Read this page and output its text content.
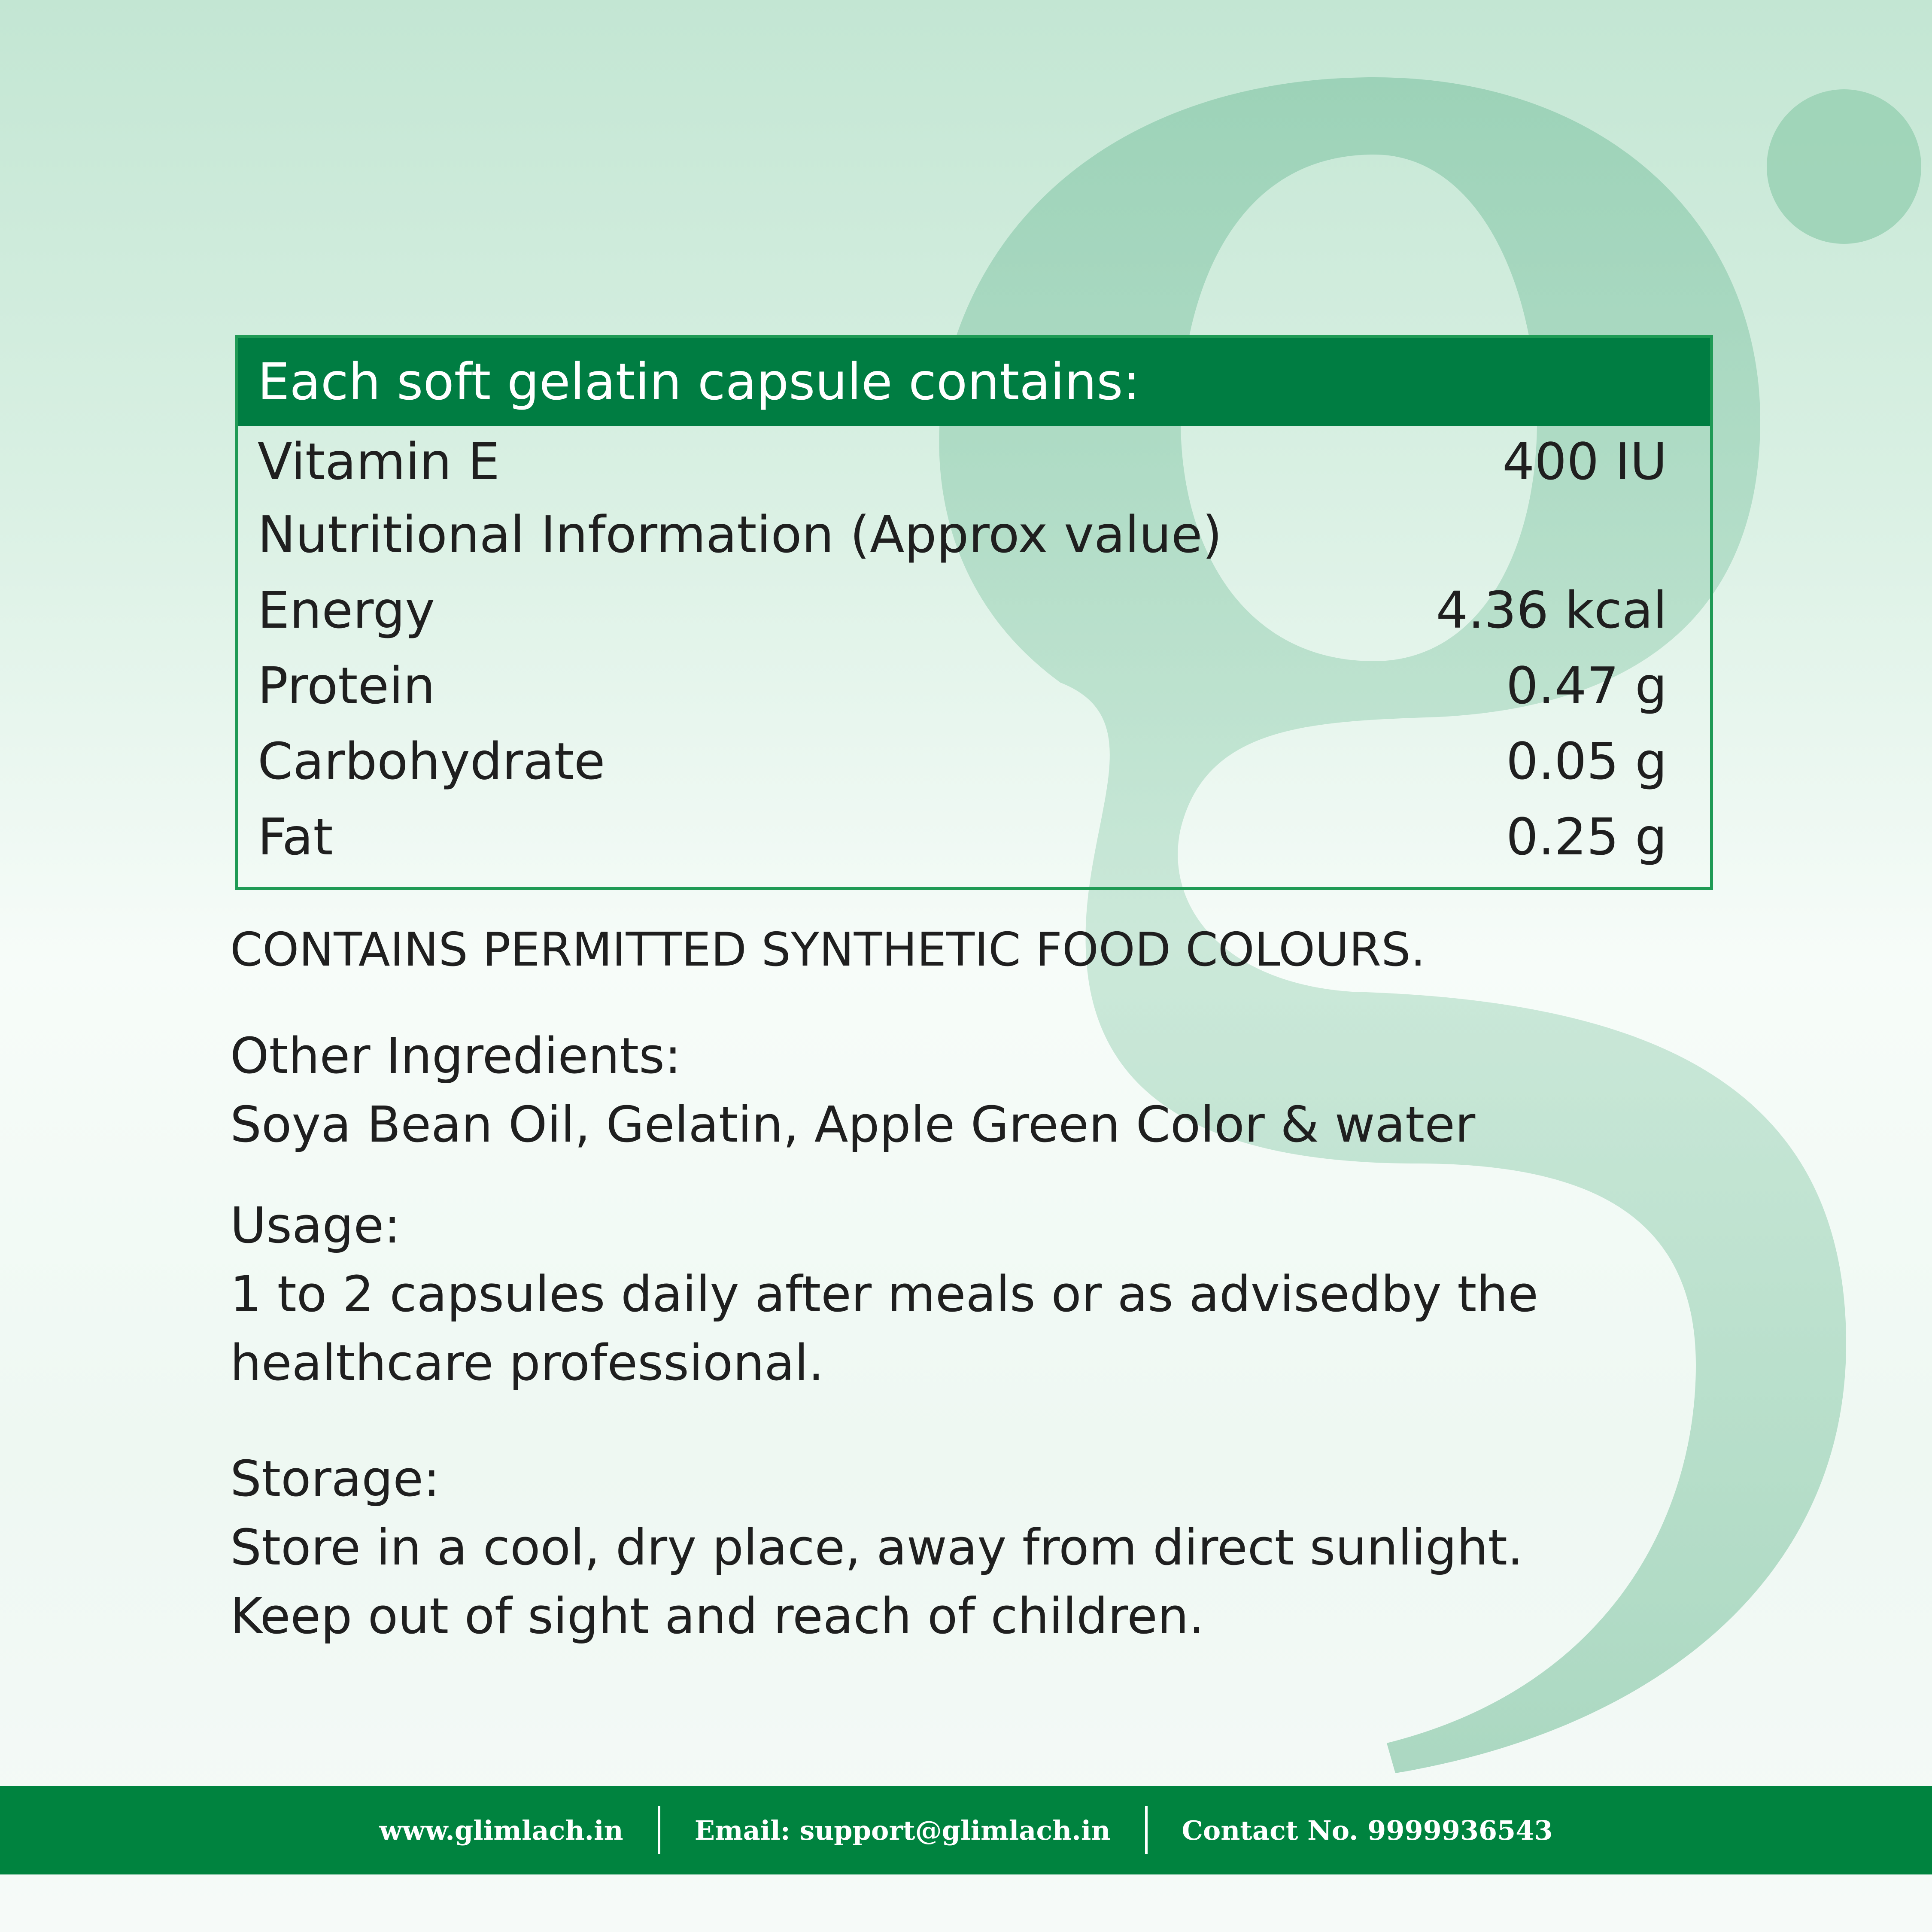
Each soft gelatin capsule contains:
Vitamin E	400 IU
Nutritional Information (Approx value)
Energy	4.36 kcal
Protein	0.47 g
Carbohydrate	0.05 g
Fat	0.25 g
CONTAINS PERMITTED SYNTHETIC FOOD COLOURS.
Other Ingredients:
Soya Bean Oil, Gelatin, Apple Green Color & water
Usage:
1 to 2 capsules daily after meals or as advisedby the
healthcare professional.
Storage:
Store in a cool, dry place, away from direct sunlight.
Keep out of sight and reach of children.
www.glimlach.in	Email: support@glimlach.in	Contact No. 9999936543
